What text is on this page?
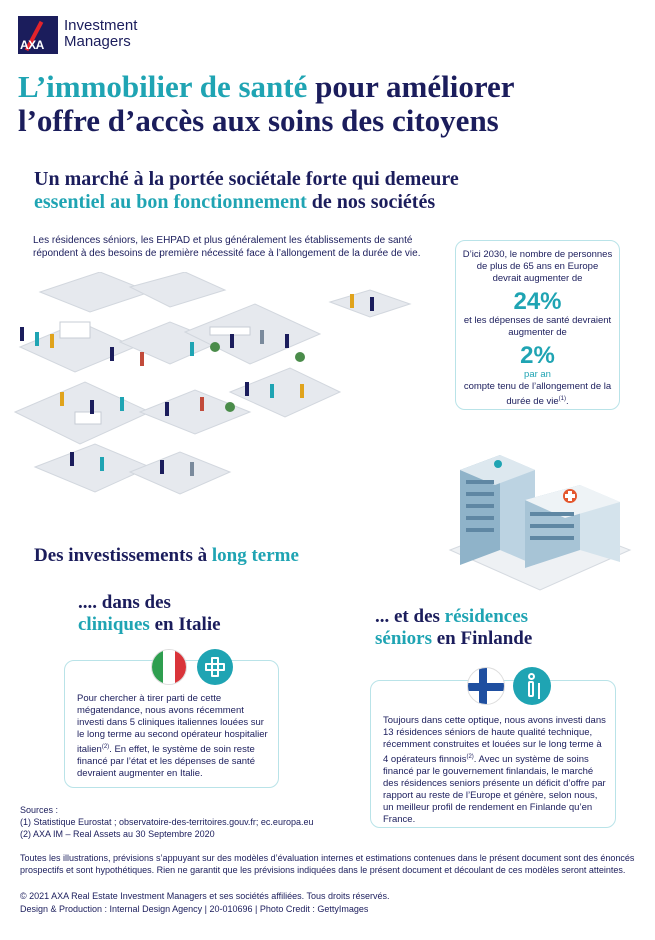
AXA
Investment
Managers
L’immobilier de santé pour améliorer
l’offre d’accès aux soins des citoyens
Un marché à la portée sociétale forte qui demeure
essentiel au bon fonctionnement de nos sociétés
Les résidences séniors, les EHPAD et plus généralement les établissements de santé répondent à des besoins de première nécessité face à l’allongement de la durée de vie.	D’ici 2030, le nombre de personnes de plus de 65 ans en Europe devrait augmenter de
24%
et les dépenses de santé devraient augmenter de
2%
par an
compte tenu de l’allongement de la durée de vie$^{(1)}$.
Des investissements à long terme
.... dans des
cliniques en Italie
Pour chercher à tirer parti de cette mégatendance, nous avons récemment investi dans 5 cliniques italiennes louées sur le long terme au second opérateur hospitalier italien$^{(2)}$. En effet, le système de soin reste financé par l’état et les dépenses de santé devraient augmenter en Italie.
... et des résidences
séniors en Finlande
Toujours dans cette optique, nous avons investi dans 13 résidences séniors de haute qualité technique, récemment construites et louées sur le long terme à 4 opérateurs finnois$^{(2)}$. Avec un système de soins financé par le gouvernement finlandais, le marché des résidences seniors présente un déficit d’offre par rapport au reste de l’Europe et génère, selon nous, un meilleur profil de rendement en Finlande qu’en France.
Sources :
(1) Statistique Eurostat ; observatoire-des-territoires.gouv.fr; ec.europa.eu
(2) AXA IM – Real Assets au 30 Septembre 2020
Toutes les illustrations, prévisions s’appuyant sur des modèles d’évaluation internes et estimations contenues dans le présent document sont des énoncés prospectifs et sont hypothétiques. Rien ne garantit que les prévisions indiquées dans le présent document et découlant de ces modèles seront atteintes.
© 2021 AXA Real Estate Investment Managers et ses sociétés affiliées. Tous droits réservés.
Design & Production : Internal Design Agency | 20-010696 | Photo Credit : GettyImages
